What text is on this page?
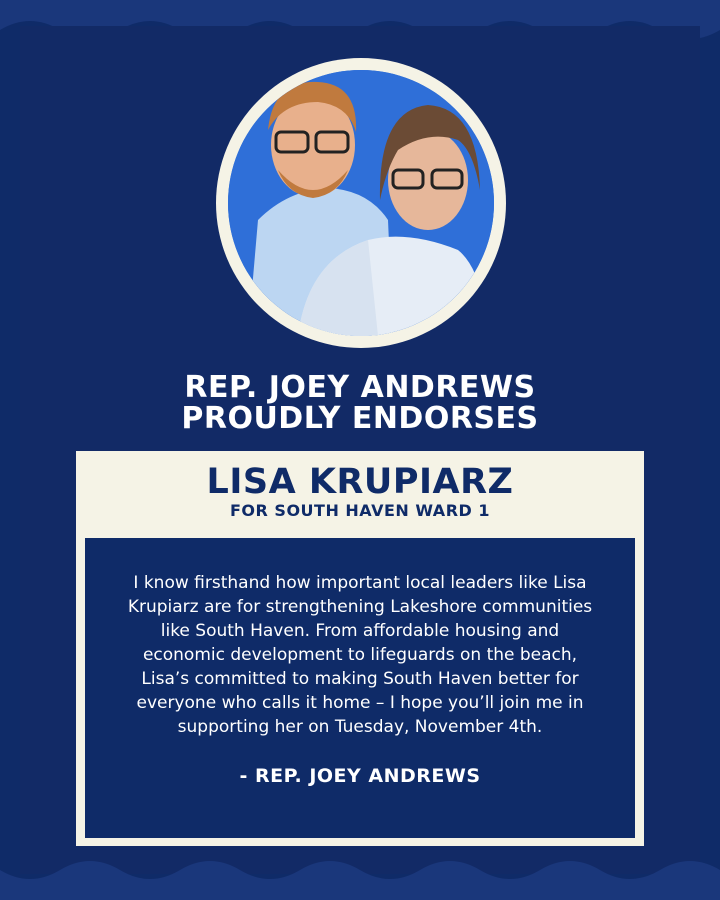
REP. JOEY ANDREWS
PROUDLY ENDORSES
LISA KRUPIARZ
FOR SOUTH HAVEN WARD 1
I know firsthand how important local leaders like Lisa Krupiarz are for strengthening Lakeshore communities like South Haven. From affordable housing and economic development to lifeguards on the beach, Lisa’s committed to making South Haven better for everyone who calls it home – I hope you’ll join me in supporting her on Tuesday, November 4th.
- REP. JOEY ANDREWS
